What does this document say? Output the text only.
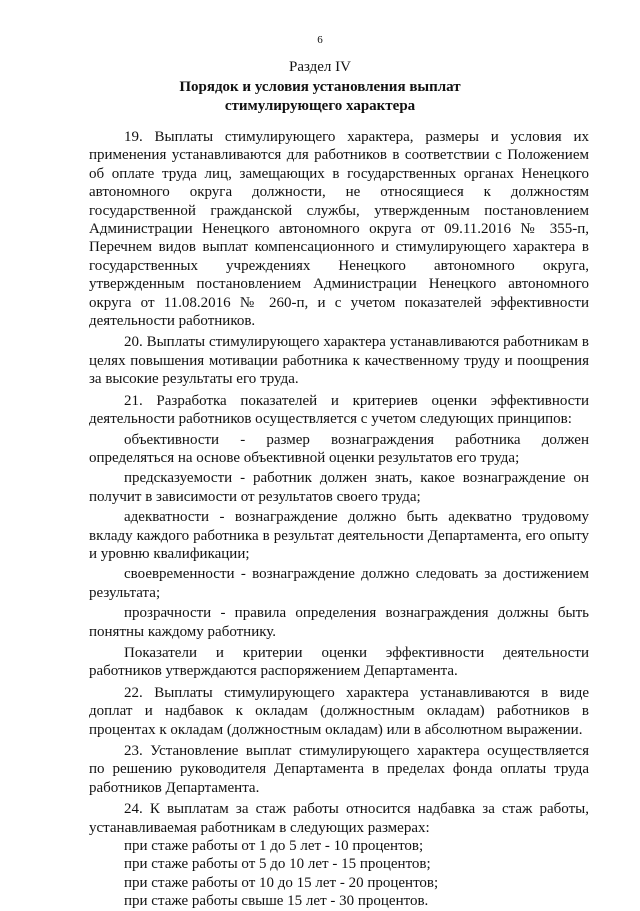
6
Раздел IV
Порядок и условия установления выплат
стимулирующего характера

19. Выплаты стимулирующего характера, размеры и условия их применения устанавливаются для работников в соответствии с Положением об оплате труда лиц, замещающих в государственных органах Ненецкого автономного округа должности, не относящиеся к должностям государственной гражданской службы, утвержденным постановлением Администрации Ненецкого автономного округа от 09.11.2016 № 355-п, Перечнем видов выплат компенсационного и стимулирующего характера в государственных учреждениях Ненецкого автономного округа, утвержденным постановлением Администрации Ненецкого автономного округа от 11.08.2016 № 260-п, и с учетом показателей эффективности деятельности работников.

20. Выплаты стимулирующего характера устанавливаются работникам в целях повышения мотивации работника к качественному труду и поощрения за высокие результаты его труда.

21. Разработка показателей и критериев оценки эффективности деятельности работников осуществляется с учетом следующих принципов:

объективности - размер вознаграждения работника должен определяться на основе объективной оценки результатов его труда;

предсказуемости - работник должен знать, какое вознаграждение он получит в зависимости от результатов своего труда;

адекватности - вознаграждение должно быть адекватно трудовому вкладу каждого работника в результат деятельности Департамента, его опыту и уровню квалификации;

своевременности - вознаграждение должно следовать за достижением результата;

прозрачности - правила определения вознаграждения должны быть понятны каждому работнику.

Показатели и критерии оценки эффективности деятельности работников утверждаются распоряжением Департамента.

22. Выплаты стимулирующего характера устанавливаются в виде доплат и надбавок к окладам (должностным окладам) работников в процентах к окладам (должностным окладам) или в абсолютном выражении.

23. Установление выплат стимулирующего характера осуществляется по решению руководителя Департамента в пределах фонда оплаты труда работников Департамента.

24. К выплатам за стаж работы относится надбавка за стаж работы, устанавливаемая работникам в следующих размерах:

при стаже работы от 1 до 5 лет - 10 процентов;

при стаже работы от 5 до 10 лет - 15 процентов;

при стаже работы от 10 до 15 лет - 20 процентов;

при стаже работы свыше 15 лет - 30 процентов.
